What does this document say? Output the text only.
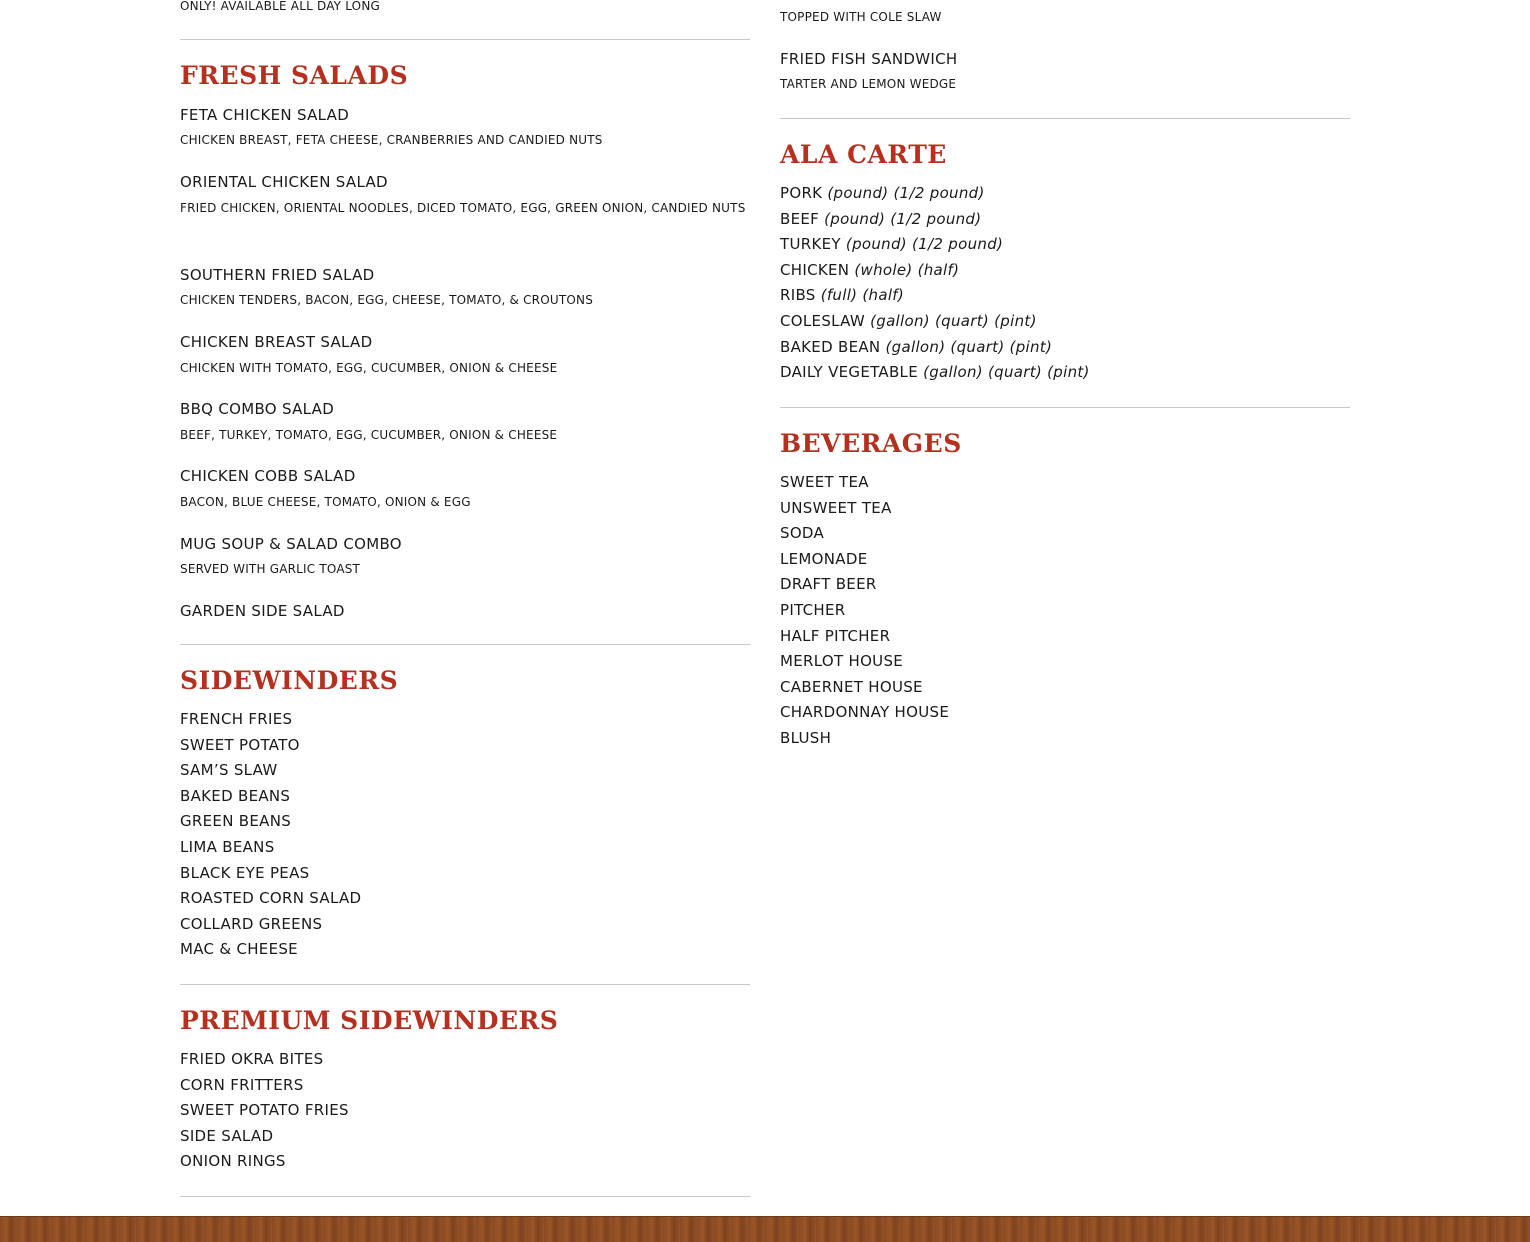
ONLY! AVAILABLE ALL DAY LONG
FRESH SALADS
FETA CHICKEN SALAD
CHICKEN BREAST, FETA CHEESE, CRANBERRIES AND CANDIED NUTS
ORIENTAL CHICKEN SALAD
FRIED CHICKEN, ORIENTAL NOODLES, DICED TOMATO, EGG, GREEN ONION, CANDIED NUTS
SOUTHERN FRIED SALAD
CHICKEN TENDERS, BACON, EGG, CHEESE, TOMATO, & CROUTONS
CHICKEN BREAST SALAD
CHICKEN WITH TOMATO, EGG, CUCUMBER, ONION & CHEESE
BBQ COMBO SALAD
BEEF, TURKEY, TOMATO, EGG, CUCUMBER, ONION & CHEESE
CHICKEN COBB SALAD
BACON, BLUE CHEESE, TOMATO, ONION & EGG
MUG SOUP & SALAD COMBO
SERVED WITH GARLIC TOAST
GARDEN SIDE SALAD
SIDEWINDERS
FRENCH FRIES
SWEET POTATO
SAM’S SLAW
BAKED BEANS
GREEN BEANS
LIMA BEANS
BLACK EYE PEAS
ROASTED CORN SALAD
COLLARD GREENS
MAC & CHEESE
PREMIUM SIDEWINDERS
FRIED OKRA BITES
CORN FRITTERS
SWEET POTATO FRIES
SIDE SALAD
ONION RINGS
TOPPED WITH COLE SLAW
FRIED FISH SANDWICH
TARTER AND LEMON WEDGE
ALA CARTE
PORK (pound) (1/2 pound)
BEEF (pound) (1/2 pound)
TURKEY (pound) (1/2 pound)
CHICKEN (whole) (half)
RIBS (full) (half)
COLESLAW (gallon) (quart) (pint)
BAKED BEAN (gallon) (quart) (pint)
DAILY VEGETABLE (gallon) (quart) (pint)
BEVERAGES
SWEET TEA
UNSWEET TEA
SODA
LEMONADE
DRAFT BEER
PITCHER
HALF PITCHER
MERLOT HOUSE
CABERNET HOUSE
CHARDONNAY HOUSE
BLUSH
